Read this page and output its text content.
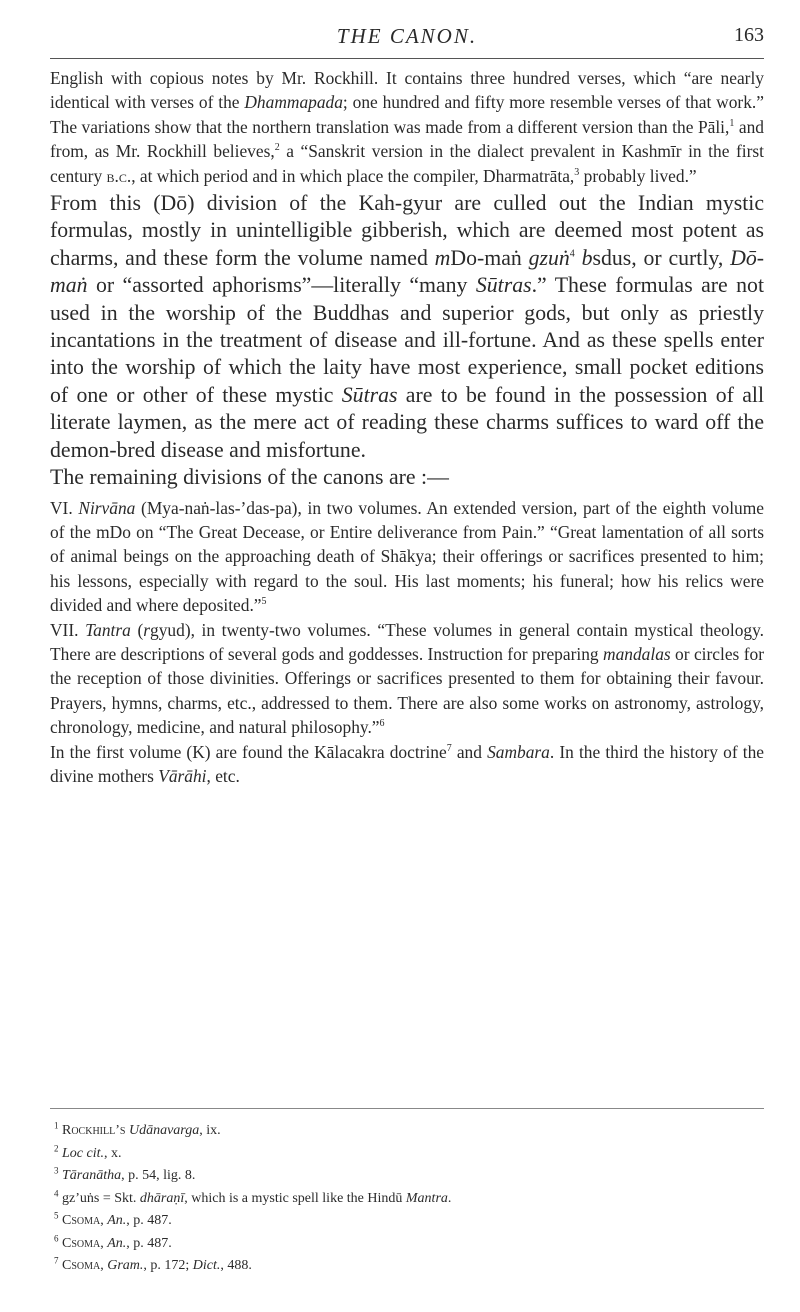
THE CANON.	163

English with copious notes by Mr. Rockhill. It contains three hundred verses, which “are nearly identical with verses of the Dhammapada; one hundred and fifty more resemble verses of that work.” The variations show that the northern translation was made from a different version than the Pāli,$^1$ and from, as Mr. Rockhill believes,$^2$ a “Sanskrit version in the dialect prevalent in Kashmīr in the first century b.c., at which period and in which place the compiler, Dharmatrāta,$^3$ probably lived.”

From this (Dō) division of the Kah-gyur are culled out the Indian mystic formulas, mostly in unintelligible gibberish, which are deemed most potent as charms, and these form the volume named mDo-maṅ gzuṅ$^4$ bsdus, or curtly, Dō-maṅ or “assorted aphorisms”—literally “many Sūtras.” These formulas are not used in the worship of the Buddhas and superior gods, but only as priestly incantations in the treatment of disease and ill-fortune. And as these spells enter into the worship of which the laity have most experience, small pocket editions of one or other of these mystic Sūtras are to be found in the possession of all literate laymen, as the mere act of reading these charms suffices to ward off the demon-bred disease and misfortune.

The remaining divisions of the canons are :—

VI. Nirvāna (Mya-naṅ-las-’das-pa), in two volumes. An extended version, part of the eighth volume of the mDo on “The Great Decease, or Entire deliverance from Pain.” “Great lamentation of all sorts of animal beings on the approaching death of Shākya; their offerings or sacrifices presented to him; his lessons, especially with regard to the soul. His last moments; his funeral; how his relics were divided and where deposited.”$^5$

VII. Tantra (rgyud), in twenty-two volumes. “These volumes in general contain mystical theology. There are descriptions of several gods and goddesses. Instruction for preparing mandalas or circles for the reception of those divinities. Offerings or sacrifices presented to them for obtaining their favour. Prayers, hymns, charms, etc., addressed to them. There are also some works on astronomy, astrology, chronology, medicine, and natural philosophy.”$^6$

In the first volume (K) are found the Kālacakra doctrine$^7$ and Sambara. In the third the history of the divine mothers Vārāhi, etc.

$^1$ Rockhill’s Udānavarga, ix.
$^2$ Loc cit., x.
$^3$ Tāranātha, p. 54, lig. 8.
$^4$ gz’uṅs = Skt. dhāraṇī, which is a mystic spell like the Hindū Mantra.
$^5$ Csoma, An., p. 487.
$^6$ Csoma, An., p. 487.
$^7$ Csoma, Gram., p. 172; Dict., 488.
